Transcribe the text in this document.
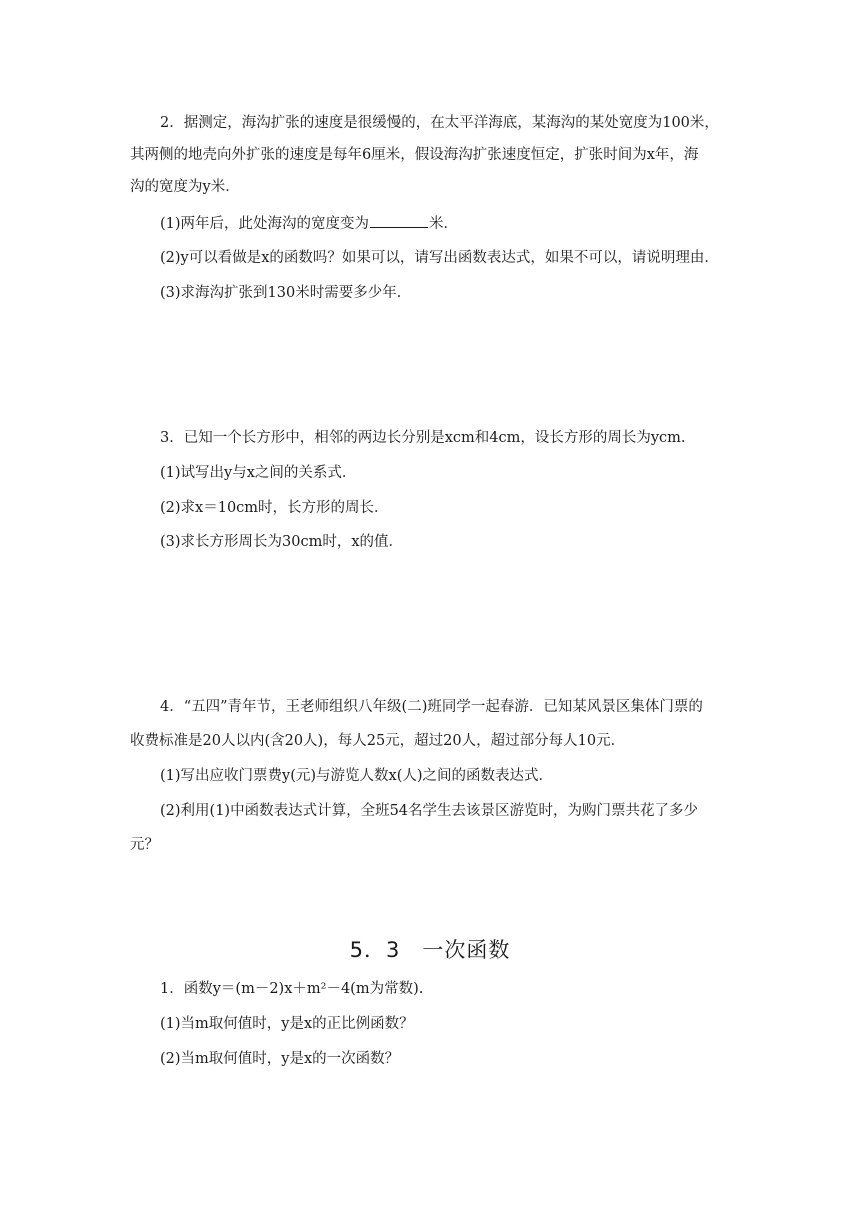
2．据测定，海沟扩张的速度是很缓慢的，在太平洋海底，某海沟的某处宽度为100米，
其两侧的地壳向外扩张的速度是每年6厘米，假设海沟扩张速度恒定，扩张时间为x年，海
沟的宽度为y米．
(1)两年后，此处海沟的宽度变为	米．
(2)y可以看做是x的函数吗？如果可以，请写出函数表达式，如果不可以，请说明理由．
(3)求海沟扩张到130米时需要多少年．
3．已知一个长方形中，相邻的两边长分别是xcm和4cm，设长方形的周长为ycm.
(1)试写出y与x之间的关系式．
(2)求x＝10cm时，长方形的周长．
(3)求长方形周长为30cm时，x的值．
4．“五四”青年节，王老师组织八年级(二)班同学一起春游．已知某风景区集体门票的
收费标准是20人以内(含20人)，每人25元，超过20人，超过部分每人10元．
(1)写出应收门票费y(元)与游览人数x(人)之间的函数表达式．
(2)利用(1)中函数表达式计算，全班54名学生去该景区游览时，为购门票共花了多少
元？
5．3　一次函数
1．函数y＝(m－2)x＋m²－4(m为常数).
(1)当m取何值时，y是x的正比例函数？
(2)当m取何值时，y是x的一次函数？
